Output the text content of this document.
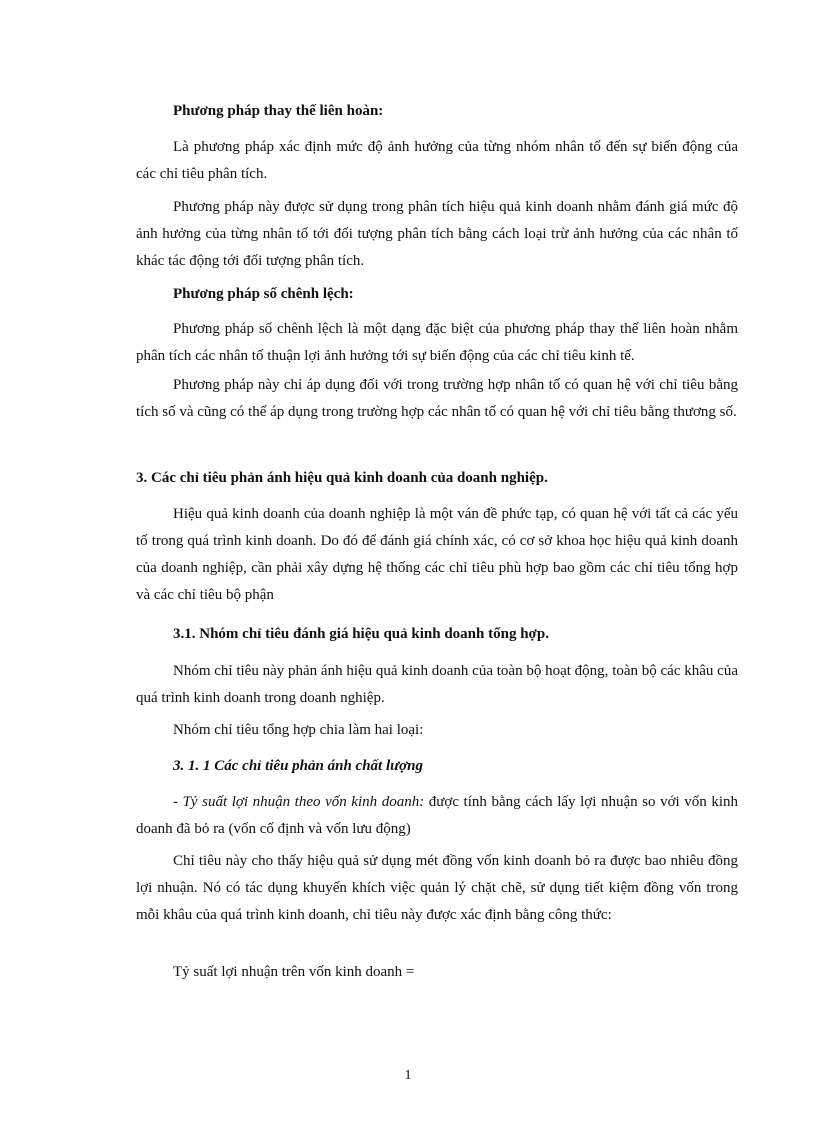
Phương pháp thay thế liên hoàn:

Là phương pháp xác định mức độ ảnh hưởng của từng nhóm nhân tố đến sự biến động của các chỉ tiêu phân tích.

Phương pháp này được sử dụng trong phân tích hiệu quả kinh doanh nhằm đánh giá mức độ ảnh hưởng của từng nhân tố tới đối tượng phân tích bằng cách loại trừ ảnh hưởng của các nhân tố khác tác động tới đối tượng phân tích.

Phương pháp số chênh lệch:

Phương pháp số chênh lệch là một dạng đặc biệt của phương pháp thay thế liên hoàn nhằm phân tích các nhân tố thuận lợi ảnh hưởng tới sự biến động của các chỉ tiêu kinh tế.

Phương pháp này chỉ áp dụng đối với trong trường hợp nhân tố có quan hệ với chỉ tiêu bằng tích số và cũng có thể áp dụng trong trường hợp các nhân tố có quan hệ với chỉ tiêu bằng thương số.

3. Các chỉ tiêu phản ánh hiệu quả kinh doanh của doanh nghiệp.

Hiệu quả kinh doanh của doanh nghiệp là một ván đề phức tạp, có quan hệ với tất cả các yếu tố trong quá trình kinh doanh. Do đó để đánh giá chính xác, có cơ sở khoa học hiệu quả kinh doanh của doanh nghiệp, cần phải xây dựng hệ thống các chỉ tiêu phù hợp bao gồm các chỉ tiêu tổng hợp và các chỉ tiêu bộ phận

3.1. Nhóm chỉ tiêu đánh giá hiệu quả kinh doanh tổng hợp.

Nhóm chỉ tiêu này phản ánh hiệu quả kinh doanh của toàn bộ hoạt động, toàn bộ các khâu của quá trình kinh doanh trong doanh nghiệp.

Nhóm chỉ tiêu tổng hợp chia làm hai loại:

3. 1. 1 Các chỉ tiêu phản ánh chất lượng

- Tỷ suất lợi nhuận theo vốn kinh doanh: được tính bằng cách lấy lợi nhuận so với vốn kinh doanh đã bỏ ra (vốn cố định và vốn lưu động)

Chỉ tiêu này cho thấy hiệu quả sử dụng mét đồng vốn kinh doanh bỏ ra được bao nhiêu đồng lợi nhuận. Nó có tác dụng khuyến khích việc quản lý chặt chẽ, sử dụng tiết kiệm đồng vốn trong mỗi khâu của quá trình kinh doanh, chỉ tiêu này được xác định bằng công thức:

Tỷ suất lợi nhuận trên vốn kinh doanh =

1
